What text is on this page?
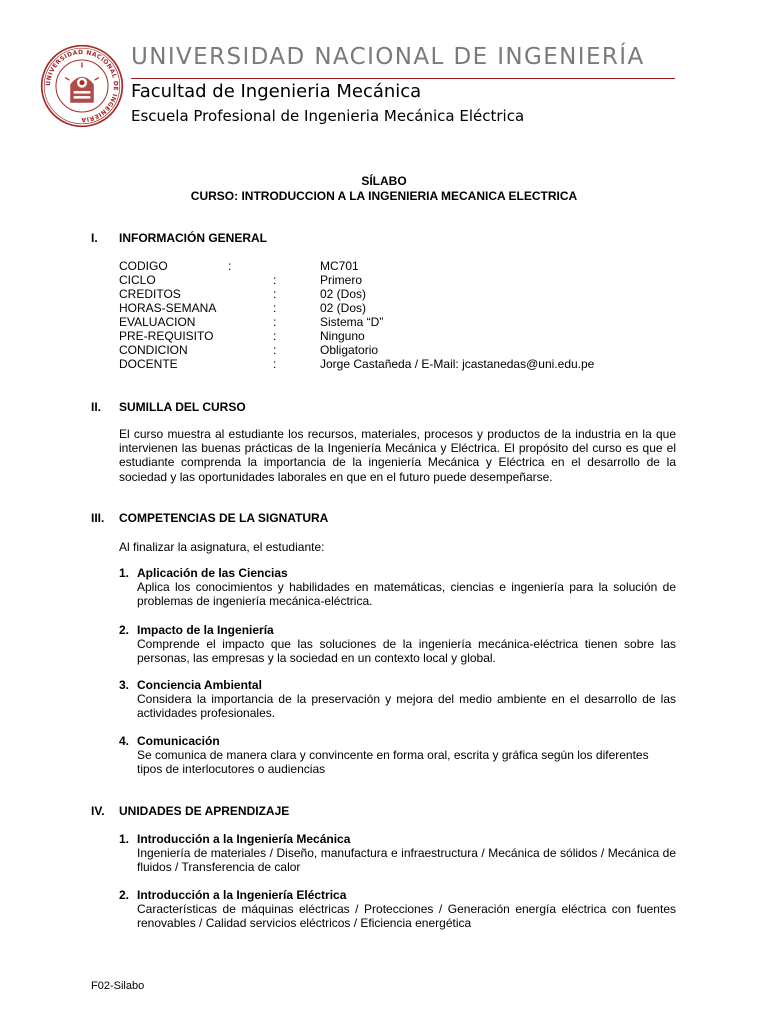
UNIVERSIDAD NACIONAL DE INGENIERIA
UNIVERSIDAD NACIONAL DE INGENIERÍA
Facultad de Ingenieria Mecánica
Escuela Profesional de Ingenieria Mecánica Eléctrica
SÍLABO
CURSO: INTRODUCCION A LA INGENIERIA MECANICA ELECTRICA
I. INFORMACIÓN GENERAL
CODIGO	:	MC701
CICLO	:	Primero
CREDITOS	:	02 (Dos)
HORAS-SEMANA	:	02 (Dos)
EVALUACION	:	Sistema “D”
PRE-REQUISITO	:	Ninguno
CONDICION	:	Obligatorio
DOCENTE	:	Jorge Castañeda / E-Mail: jcastanedas@uni.edu.pe
II. SUMILLA DEL CURSO
El curso muestra al estudiante los recursos, materiales, procesos y productos de la industria en la que intervienen las buenas prácticas de la Ingeniería Mecánica y Eléctrica. El propósito del curso es que el estudiante comprenda la importancia de la ingeniería Mecánica y Eléctrica en el desarrollo de la sociedad y las oportunidades laborales en que en el futuro puede desempeñarse.
III. COMPETENCIAS DE LA SIGNATURA
Al finalizar la asignatura, el estudiante:
1. Aplicación de las Ciencias
Aplica los conocimientos y habilidades en matemáticas, ciencias e ingeniería para la solución de problemas de ingeniería mecánica-eléctrica.
2. Impacto de la Ingeniería
Comprende el impacto que las soluciones de la ingeniería mecánica-eléctrica tienen sobre las personas, las empresas y la sociedad en un contexto local y global.
3. Conciencia Ambiental
Considera la importancia de la preservación y mejora del medio ambiente en el desarrollo de las actividades profesionales.
4. Comunicación
Se comunica de manera clara y convincente en forma oral, escrita y gráfica según los diferentes tipos de interlocutores o audiencias
IV. UNIDADES DE APRENDIZAJE
1. Introducción a la Ingeniería Mecánica
Ingeniería de materiales / Diseño, manufactura e infraestructura / Mecánica de sólidos / Mecánica de fluidos / Transferencia de calor
2. Introducción a la Ingeniería Eléctrica
Características de máquinas eléctricas / Protecciones / Generación energía eléctrica con fuentes renovables / Calidad servicios eléctricos / Eficiencia energética
F02-Silabo
